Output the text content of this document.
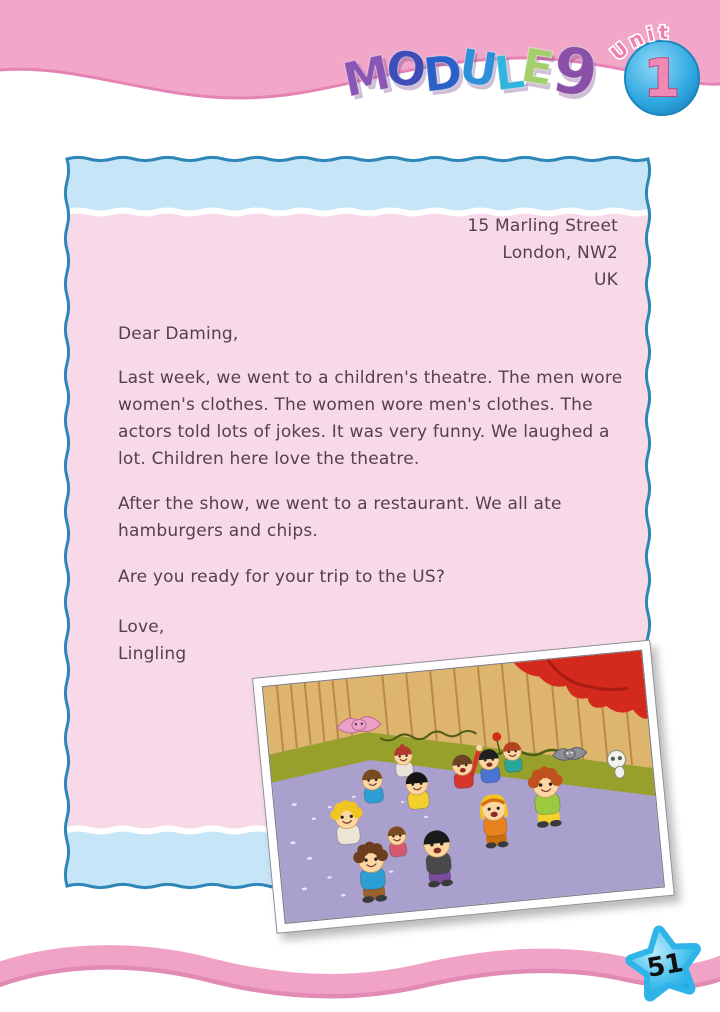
MODULE9 Unit
1
15 Marling Street
London, NW2
UK
Dear Daming,
Last week, we went to a children's theatre. The men wore women's clothes. The women wore men's clothes. The actors told lots of jokes. It was very funny. We laughed a lot. Children here love the theatre.
After the show, we went to a restaurant. We all ate hamburgers and chips.
Are you ready for your trip to the US?
Love,
Lingling
51
